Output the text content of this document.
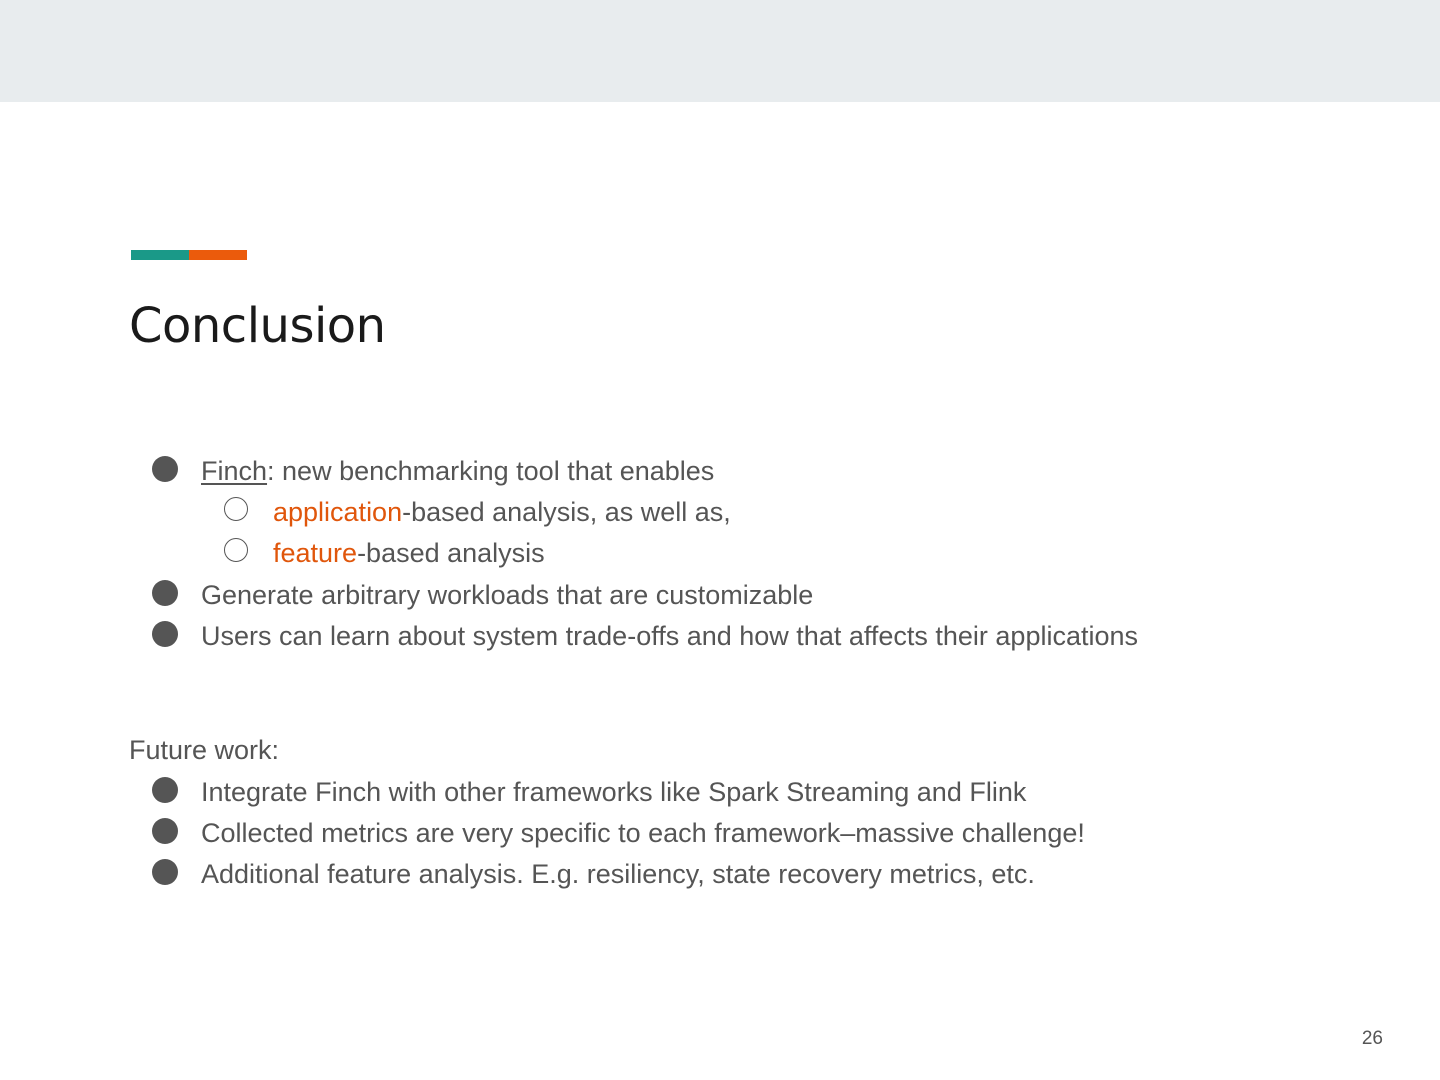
Conclusion
Finch: new benchmarking tool that enables
application-based analysis, as well as,
feature-based analysis
Generate arbitrary workloads that are customizable
Users can learn about system trade-offs and how that affects their applications
Future work:
Integrate Finch with other frameworks like Spark Streaming and Flink
Collected metrics are very specific to each framework–massive challenge!
Additional feature analysis. E.g. resiliency, state recovery metrics, etc.
26
